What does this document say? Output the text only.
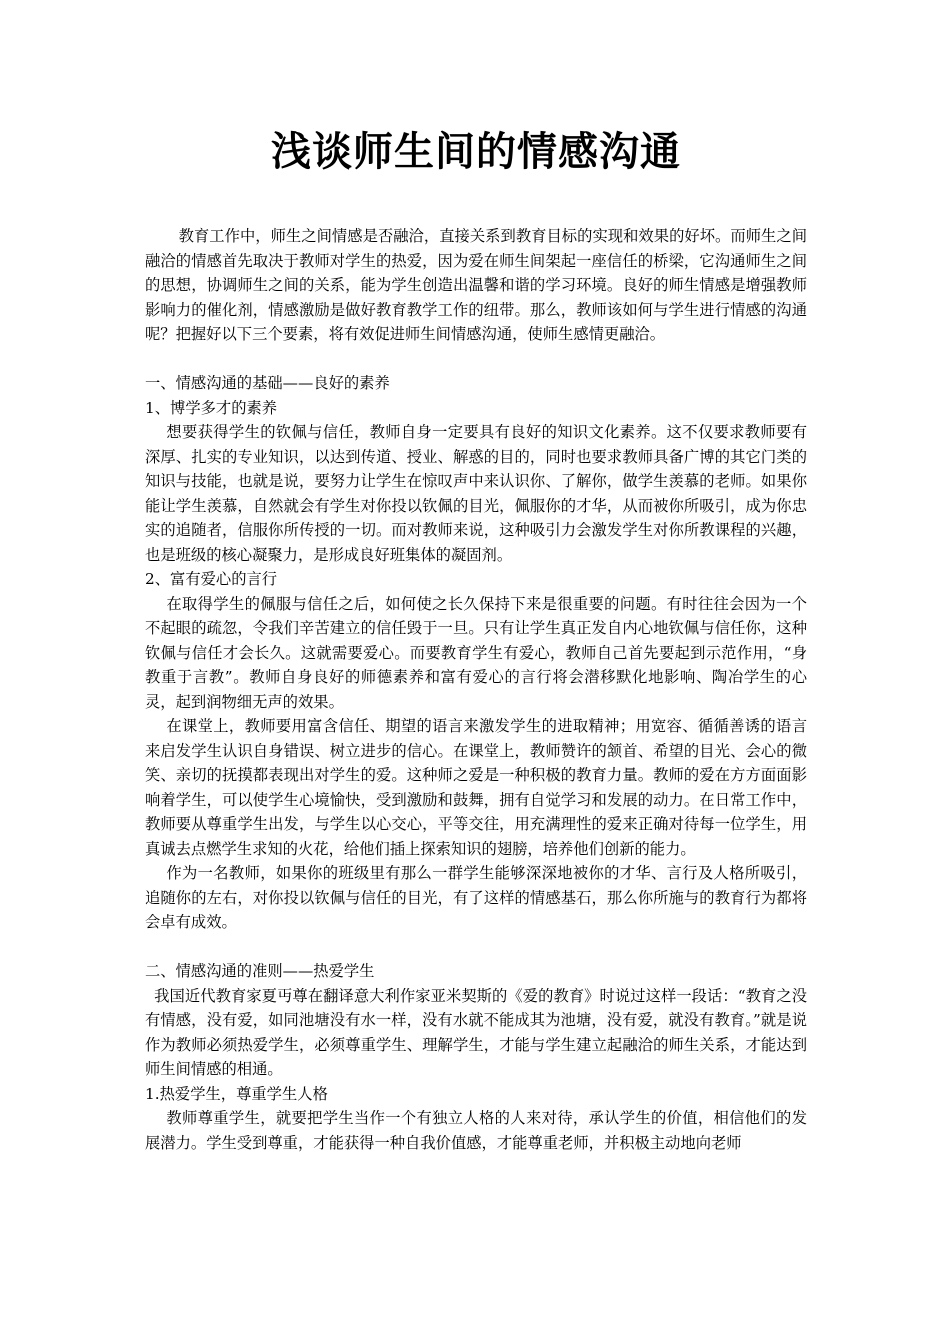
浅谈师生间的情感沟通

教育工作中，师生之间情感是否融洽，直接关系到教育目标的实现和效果的好坏。而师生之间融洽的情感首先取决于教师对学生的热爱，因为爱在师生间架起一座信任的桥梁，它沟通师生之间的思想，协调师生之间的关系，能为学生创造出温馨和谐的学习环境。良好的师生情感是增强教师影响力的催化剂，情感激励是做好教育教学工作的纽带。那么，教师该如何与学生进行情感的沟通呢？把握好以下三个要素，将有效促进师生间情感沟通，使师生感情更融洽。

一、情感沟通的基础——良好的素养

1、博学多才的素养

想要获得学生的钦佩与信任，教师自身一定要具有良好的知识文化素养。这不仅要求教师要有深厚、扎实的专业知识，以达到传道、授业、解惑的目的，同时也要求教师具备广博的其它门类的知识与技能，也就是说，要努力让学生在惊叹声中来认识你、了解你，做学生羡慕的老师。如果你能让学生羡慕，自然就会有学生对你投以钦佩的目光，佩服你的才华，从而被你所吸引，成为你忠实的追随者，信服你所传授的一切。而对教师来说，这种吸引力会激发学生对你所教课程的兴趣，也是班级的核心凝聚力，是形成良好班集体的凝固剂。

2、富有爱心的言行

在取得学生的佩服与信任之后，如何使之长久保持下来是很重要的问题。有时往往会因为一个不起眼的疏忽，令我们辛苦建立的信任毁于一旦。只有让学生真正发自内心地钦佩与信任你，这种钦佩与信任才会长久。这就需要爱心。而要教育学生有爱心，教师自己首先要起到示范作用，“身教重于言教”。教师自身良好的师德素养和富有爱心的言行将会潜移默化地影响、陶冶学生的心灵，起到润物细无声的效果。

在课堂上，教师要用富含信任、期望的语言来激发学生的进取精神；用宽容、循循善诱的语言来启发学生认识自身错误、树立进步的信心。在课堂上，教师赞许的颔首、希望的目光、会心的微笑、亲切的抚摸都表现出对学生的爱。这种师之爱是一种积极的教育力量。教师的爱在方方面面影响着学生，可以使学生心境愉快，受到激励和鼓舞，拥有自觉学习和发展的动力。在日常工作中，教师要从尊重学生出发，与学生以心交心，平等交往，用充满理性的爱来正确对待每一位学生，用真诚去点燃学生求知的火花，给他们插上探索知识的翅膀，培养他们创新的能力。

作为一名教师，如果你的班级里有那么一群学生能够深深地被你的才华、言行及人格所吸引，追随你的左右，对你投以钦佩与信任的目光，有了这样的情感基石，那么你所施与的教育行为都将会卓有成效。

二、情感沟通的准则——热爱学生

我国近代教育家夏丏尊在翻译意大利作家亚米契斯的《爱的教育》时说过这样一段话：“教育之没有情感，没有爱，如同池塘没有水一样，没有水就不能成其为池塘，没有爱，就没有教育。”就是说作为教师必须热爱学生，必须尊重学生、理解学生，才能与学生建立起融洽的师生关系，才能达到师生间情感的相通。

1.热爱学生，尊重学生人格

教师尊重学生，就要把学生当作一个有独立人格的人来对待，承认学生的价值，相信他们的发展潜力。学生受到尊重，才能获得一种自我价值感，才能尊重老师，并积极主动地向老师
